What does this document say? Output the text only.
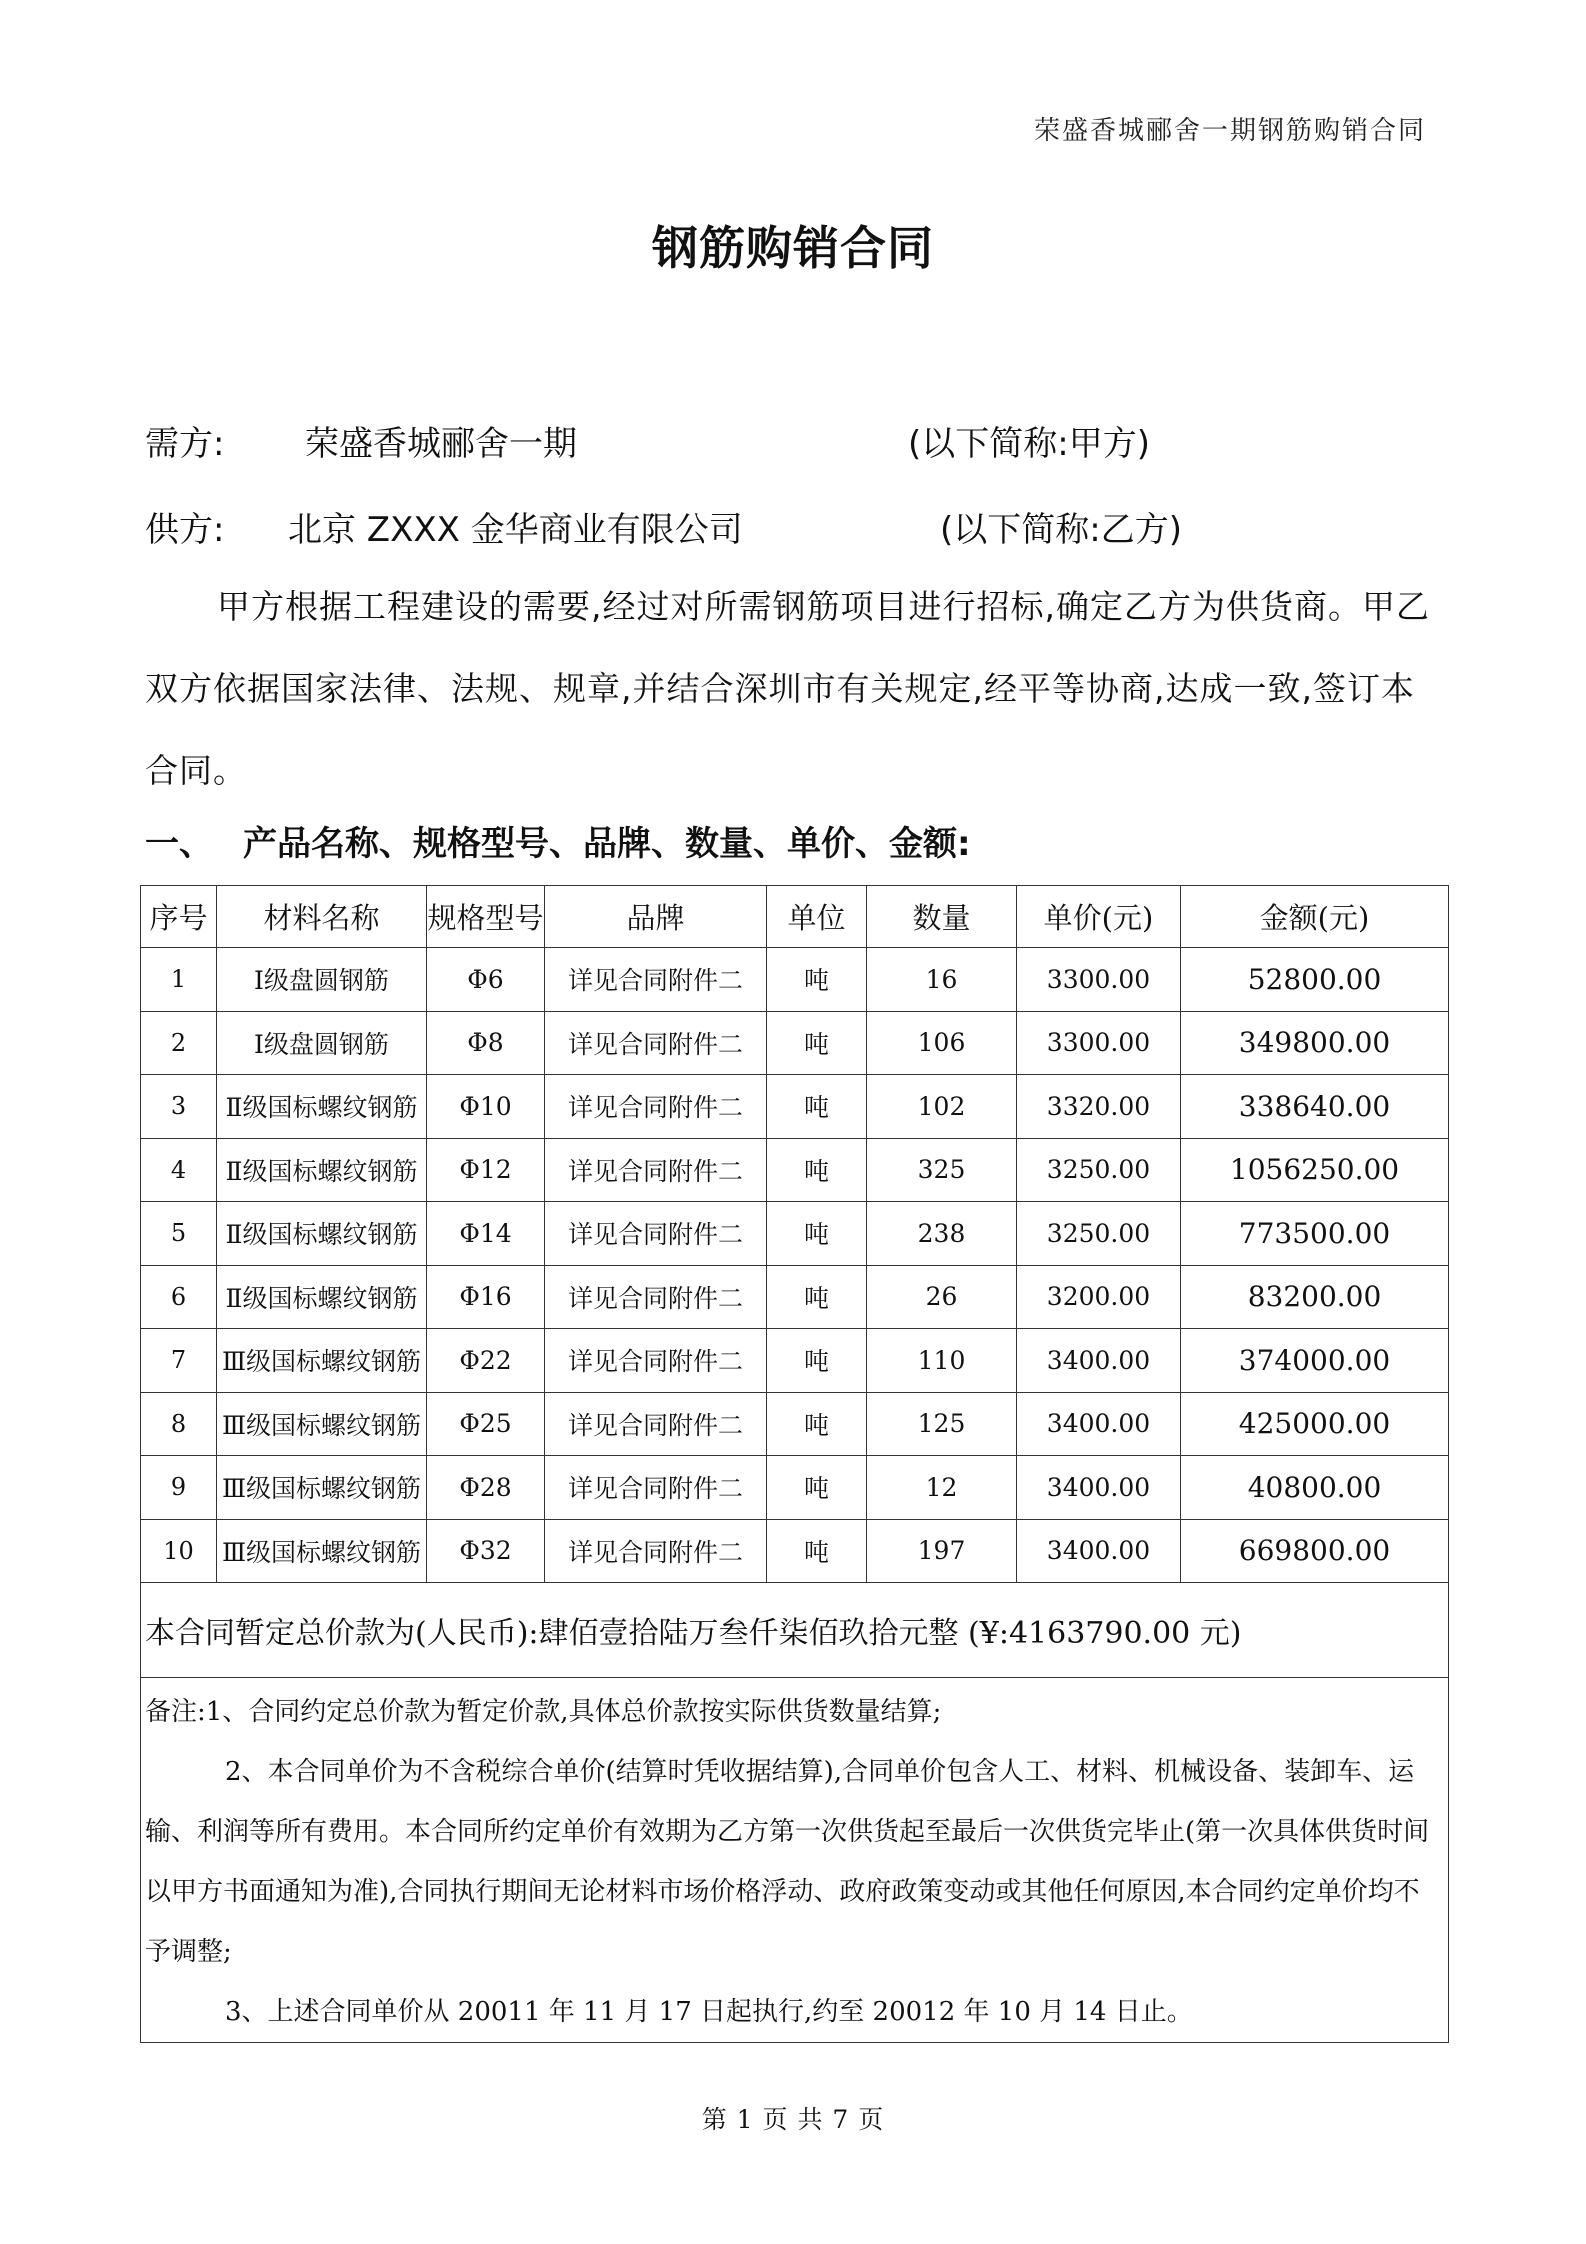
荣盛香城郦舍一期钢筋购销合同
钢筋购销合同
需方: 荣盛香城郦舍一期	(以下简称:甲方)
供方: 北京 ZXXX 金华商业有限公司	(以下简称:乙方)
甲方根据工程建设的需要,经过对所需钢筋项目进行招标,确定乙方为供货商。甲乙双方依据国家法律、法规、规章,并结合深圳市有关规定,经平等协商,达成一致,签订本合同。
一、 产品名称、规格型号、品牌、数量、单价、金额:
序号	材料名称	规格型号	品牌	单位	数量	单价(元)	金额(元)
1	Ⅰ级盘圆钢筋	Φ6	详见合同附件二	吨	16	3300.00	52800.00
2	Ⅰ级盘圆钢筋	Φ8	详见合同附件二	吨	106	3300.00	349800.00
3	Ⅱ级国标螺纹钢筋	Φ10	详见合同附件二	吨	102	3320.00	338640.00
4	Ⅱ级国标螺纹钢筋	Φ12	详见合同附件二	吨	325	3250.00	1056250.00
5	Ⅱ级国标螺纹钢筋	Φ14	详见合同附件二	吨	238	3250.00	773500.00
6	Ⅱ级国标螺纹钢筋	Φ16	详见合同附件二	吨	26	3200.00	83200.00
7	Ⅲ级国标螺纹钢筋	Φ22	详见合同附件二	吨	110	3400.00	374000.00
8	Ⅲ级国标螺纹钢筋	Φ25	详见合同附件二	吨	125	3400.00	425000.00
9	Ⅲ级国标螺纹钢筋	Φ28	详见合同附件二	吨	12	3400.00	40800.00
10	Ⅲ级国标螺纹钢筋	Φ32	详见合同附件二	吨	197	3400.00	669800.00
本合同暂定总价款为(人民币):肆佰壹拾陆万叁仟柒佰玖拾元整 (¥:4163790.00 元)							

备注:1、合同约定总价款为暂定价款,具体总价款按实际供货数量结算;

2、本合同单价为不含税综合单价(结算时凭收据结算),合同单价包含人工、材料、机械设备、装卸车、运输、利润等所有费用。本合同所约定单价有效期为乙方第一次供货起至最后一次供货完毕止(第一次具体供货时间以甲方书面通知为准),合同执行期间无论材料市场价格浮动、政府政策变动或其他任何原因,本合同约定单价均不予调整;

3、上述合同单价从 20011 年 11 月 17 日起执行,约至 20012 年 10 月 14 日止。							

第 1 页 共 7 页
